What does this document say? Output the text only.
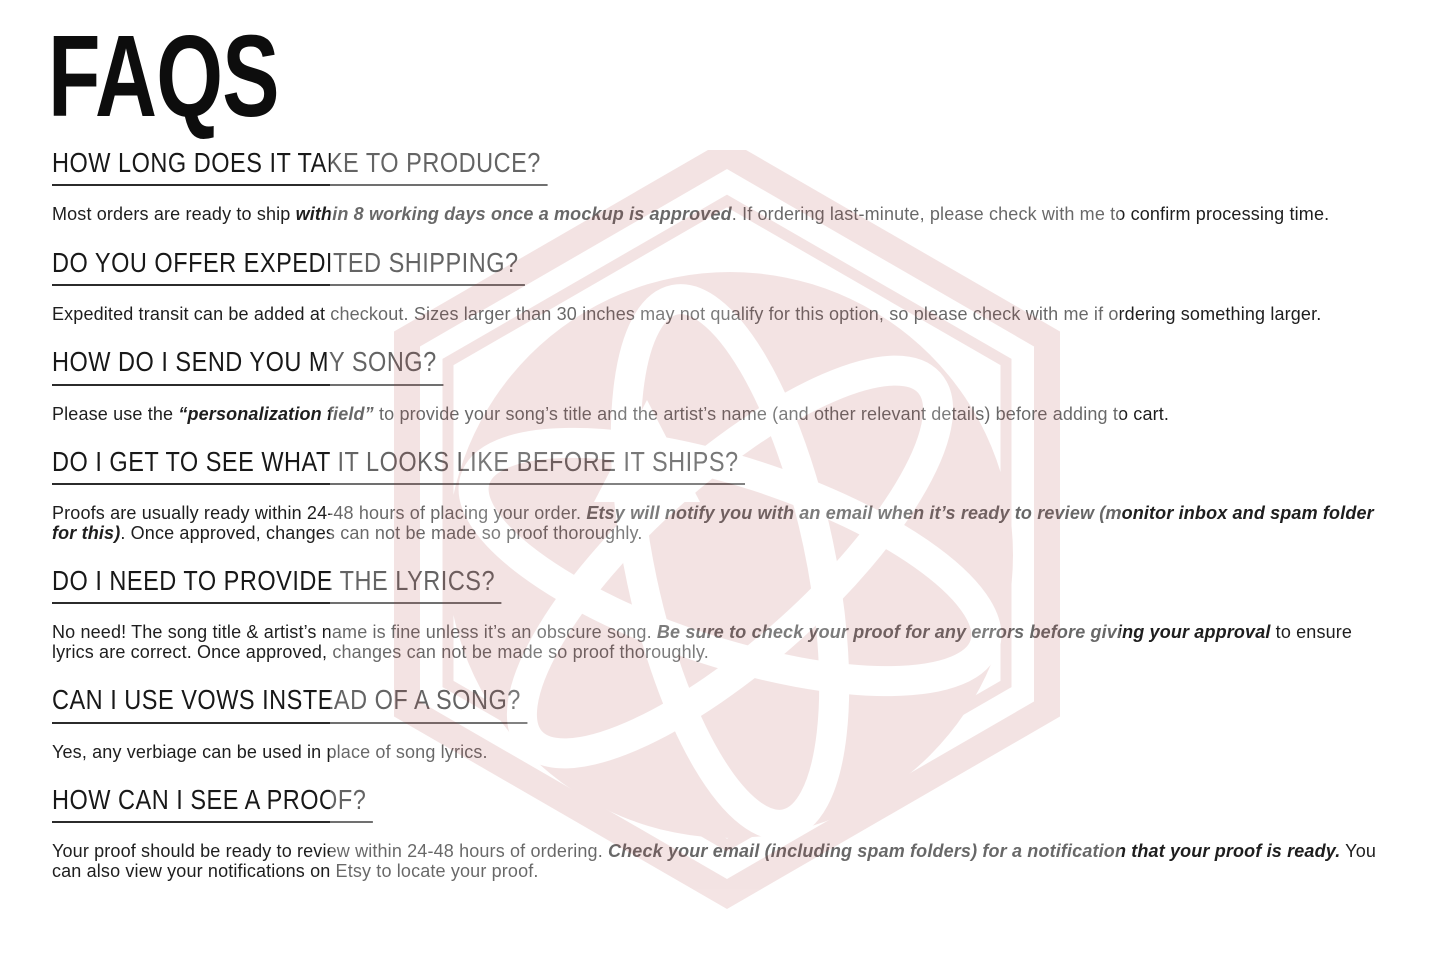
FAQS
HOW LONG DOES IT TAKE TO PRODUCE?

Most orders are ready to ship within 8 working days once a mockup is approved. If ordering last-minute, please check with me to confirm processing time.

DO YOU OFFER EXPEDITED SHIPPING?

Expedited transit can be added at checkout. Sizes larger than 30 inches may not qualify for this option, so please check with me if ordering something larger.

HOW DO I SEND YOU MY SONG?

Please use the “personalization field” to provide your song’s title and the artist’s name (and other relevant details) before adding to cart.

DO I GET TO SEE WHAT IT LOOKS LIKE BEFORE IT SHIPS?

Proofs are usually ready within 24-48 hours of placing your order. Etsy will notify you with an email when it’s ready to review (monitor inbox and spam folder for this). Once approved, changes can not be made so proof thoroughly.

DO I NEED TO PROVIDE THE LYRICS?

No need! The song title & artist’s name is fine unless it’s an obscure song. Be sure to check your proof for any errors before giving your approval to ensure lyrics are correct. Once approved, changes can not be made so proof thoroughly.

CAN I USE VOWS INSTEAD OF A SONG?

Yes, any verbiage can be used in place of song lyrics.

HOW CAN I SEE A PROOF?

Your proof should be ready to review within 24-48 hours of ordering. Check your email (including spam folders) for a notification that your proof is ready. You can also view your notifications on Etsy to locate your proof.
